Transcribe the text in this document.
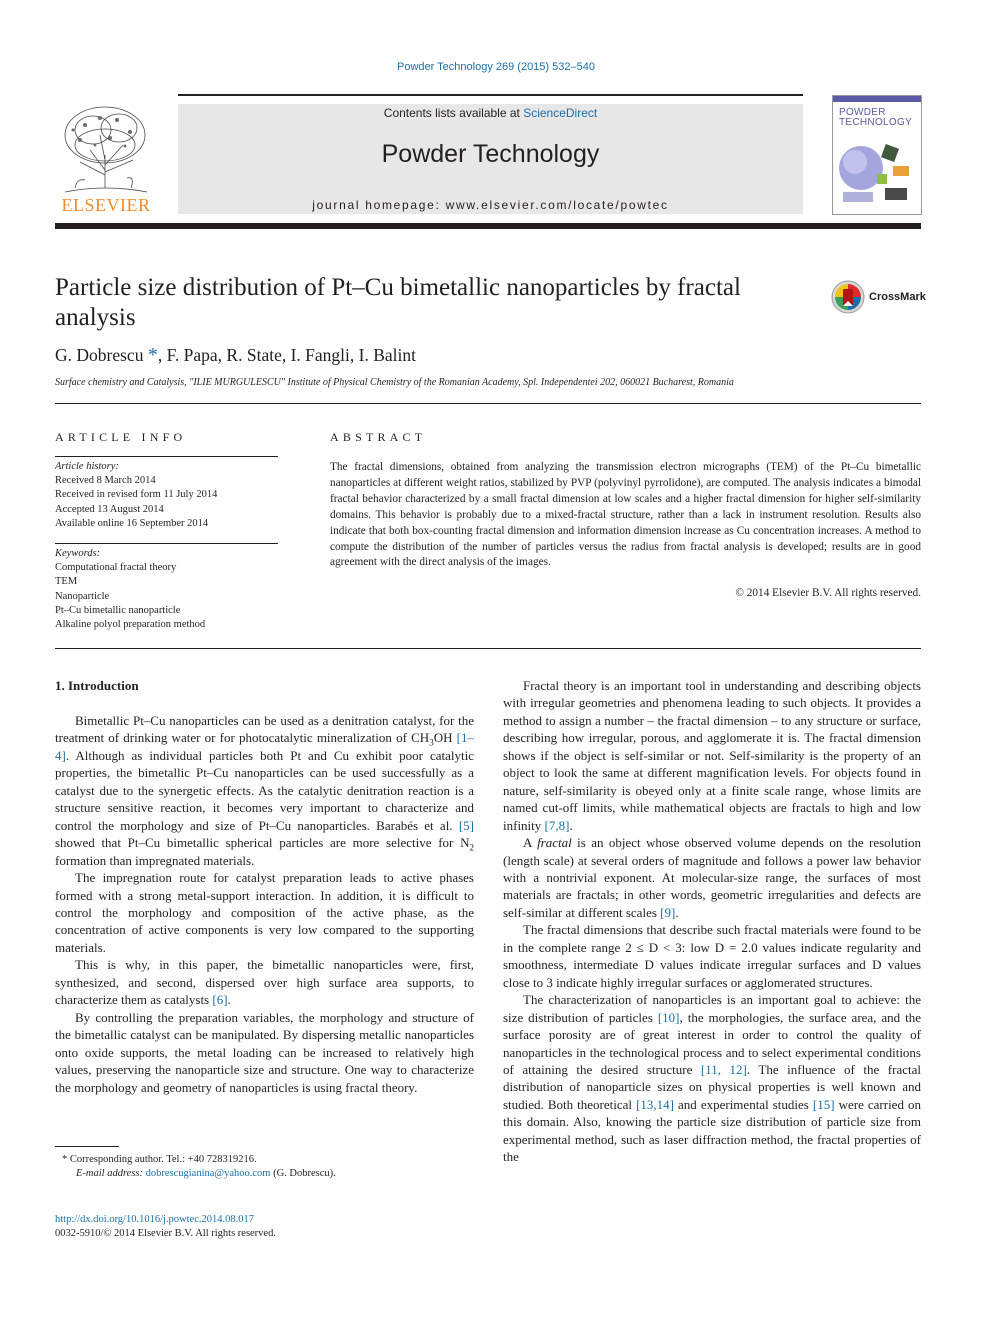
Powder Technology 269 (2015) 532–540
ELSEVIER
Contents lists available at ScienceDirect
Powder Technology
journal homepage: www.elsevier.com/locate/powtec
POWDER TECHNOLOGY
Particle size distribution of Pt–Cu bimetallic nanoparticles by fractal analysis
CrossMark
G. Dobrescu *, F. Papa, R. State, I. Fangli, I. Balint
Surface chemistry and Catalysis, "ILIE MURGULESCU" Institute of Physical Chemistry of the Romanian Academy, Spl. Independentei 202, 060021 Bucharest, Romania
ARTICLE INFO
Article history:
Received 8 March 2014
Received in revised form 11 July 2014
Accepted 13 August 2014
Available online 16 September 2014
Keywords:
Computational fractal theory
TEM
Nanoparticle
Pt–Cu bimetallic nanoparticle
Alkaline polyol preparation method
ABSTRACT
The fractal dimensions, obtained from analyzing the transmission electron micrographs (TEM) of the Pt–Cu bimetallic nanoparticles at different weight ratios, stabilized by PVP (polyvinyl pyrrolidone), are computed. The analysis indicates a bimodal fractal behavior characterized by a small fractal dimension at low scales and a higher fractal dimension for higher self-similarity domains. This behavior is probably due to a mixed-fractal structure, rather than a lack in instrument resolution. Results also indicate that both box-counting fractal dimension and information dimension increase as Cu concentration increases. A method to compute the distribution of the number of particles versus the radius from fractal analysis is developed; results are in good agreement with the direct analysis of the images.
© 2014 Elsevier B.V. All rights reserved.
1. Introduction

Bimetallic Pt–Cu nanoparticles can be used as a denitration catalyst, for the treatment of drinking water or for photocatalytic mineralization of $CH_3OH$ [1–4]. Although as individual particles both Pt and Cu exhibit poor catalytic properties, the bimetallic Pt–Cu nanoparticles can be used successfully as a catalyst due to the synergetic effects. As the catalytic denitration reaction is a structure sensitive reaction, it becomes very important to characterize and control the morphology and size of Pt–Cu nanoparticles. Barabés et al. [5] showed that Pt–Cu bimetallic spherical particles are more selective for $N_2$ formation than impregnated materials.

The impregnation route for catalyst preparation leads to active phases formed with a strong metal-support interaction. In addition, it is difficult to control the morphology and composition of the active phase, as the concentration of active components is very low compared to the supporting materials.

This is why, in this paper, the bimetallic nanoparticles were, first, synthesized, and second, dispersed over high surface area supports, to characterize them as catalysts [6].

By controlling the preparation variables, the morphology and structure of the bimetallic catalyst can be manipulated. By dispersing metallic nanoparticles onto oxide supports, the metal loading can be increased to relatively high values, preserving the nanoparticle size and structure. One way to characterize the morphology and geometry of nanoparticles is using fractal theory.

* Corresponding author. Tel.: +40 728319216.
E-mail address: dobrescugianina@yahoo.com (G. Dobrescu).
http://dx.doi.org/10.1016/j.powtec.2014.08.017
0032-5910/© 2014 Elsevier B.V. All rights reserved.

Fractal theory is an important tool in understanding and describing objects with irregular geometries and phenomena leading to such objects. It provides a method to assign a number – the fractal dimension – to any structure or surface, describing how irregular, porous, and agglomerate it is. The fractal dimension shows if the object is self-similar or not. Self-similarity is the property of an object to look the same at different magnification levels. For objects found in nature, self-similarity is obeyed only at a finite scale range, whose limits are named cut-off limits, while mathematical objects are fractals to high and low infinity [7,8].

A fractal is an object whose observed volume depends on the resolution (length scale) at several orders of magnitude and follows a power law behavior with a nontrivial exponent. At molecular-size range, the surfaces of most materials are fractals; in other words, geometric irregularities and defects are self-similar at different scales [9].

The fractal dimensions that describe such fractal materials were found to be in the complete range 2 ≤ D < 3: low D = 2.0 values indicate regularity and smoothness, intermediate D values indicate irregular surfaces and D values close to 3 indicate highly irregular surfaces or agglomerated structures.

The characterization of nanoparticles is an important goal to achieve: the size distribution of particles [10], the morphologies, the surface area, and the surface porosity are of great interest in order to control the quality of nanoparticles in the technological process and to select experimental conditions of attaining the desired structure [11, 12]. The influence of the fractal distribution of nanoparticle sizes on physical properties is well known and studied. Both theoretical [13,14] and experimental studies [15] were carried on this domain. Also, knowing the particle size distribution of particle size from experimental method, such as laser diffraction method, the fractal properties of the
